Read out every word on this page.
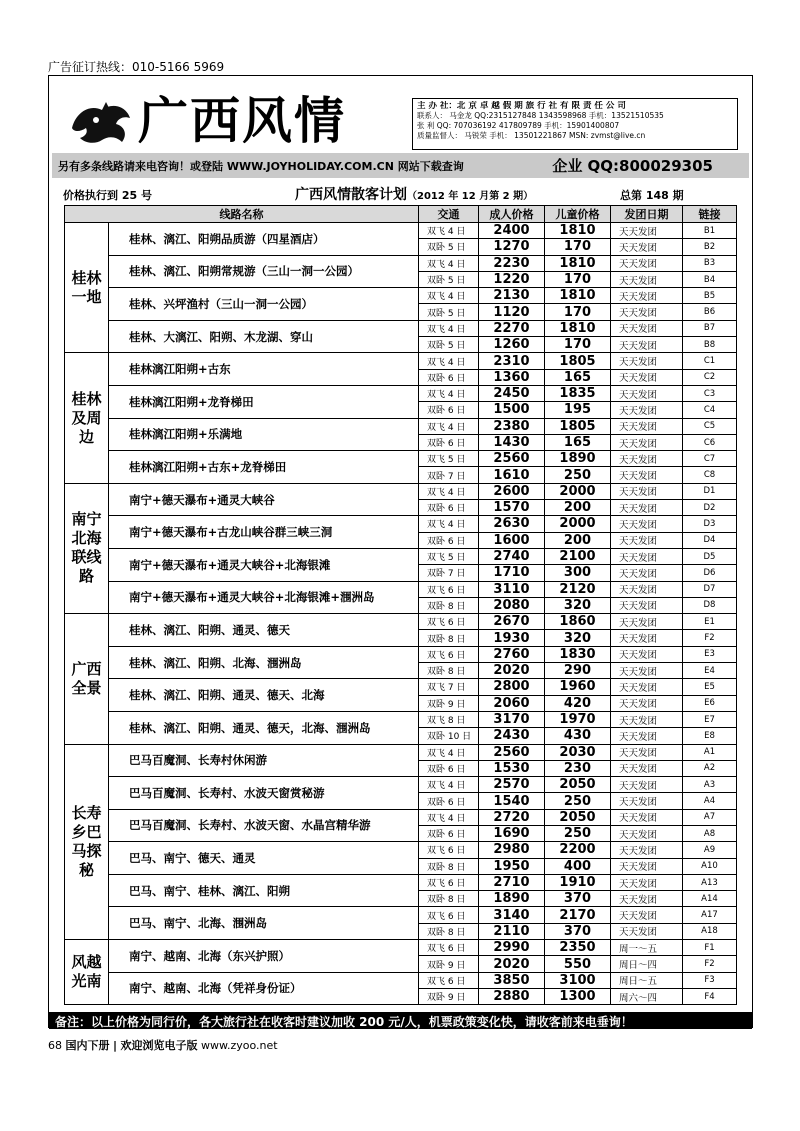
广告征订热线：010-5166 5969
广西风情	主 办 社：北 京 卓 越 假 期 旅 行 社 有 限 责 任 公 司
联系人： 马金龙 QQ:2315127848 1343598968 手机：13521510535
张 利 QQ: 707036192 417809789 手机：15901400807
质量监督人： 马锐荣 手机： 13501221867 MSN: zvmst@live.cn
另有多条线路请来电咨询！或登陆 WWW.JOYHOLIDAY.COM.CN 网站下载查询	企业 QQ:800029305
价格执行到 25 号	广西风情散客计划（2012 年 12 月第 2 期）	总第 148 期
线路名称		交通	成人价格	儿童价格	发团日期	链接
桂林一地	桂林、漓江、阳朔品质游（四星酒店）	双飞 4 日	2400	1810	天天发团	B1
		双卧 5 日	1270	170	天天发团	B2
	桂林、漓江、阳朔常规游（三山一洞一公园）	双飞 4 日	2230	1810	天天发团	B3
		双卧 5 日	1220	170	天天发团	B4
	桂林、兴坪渔村（三山一洞一公园）	双飞 4 日	2130	1810	天天发团	B5
		双卧 5 日	1120	170	天天发团	B6
	桂林、大漓江、阳朔、木龙湖、穿山	双飞 4 日	2270	1810	天天发团	B7
		双卧 5 日	1260	170	天天发团	B8
桂林及周边	桂林漓江阳朔+古东	双飞 4 日	2310	1805	天天发团	C1
		双卧 6 日	1360	165	天天发团	C2
	桂林漓江阳朔+龙脊梯田	双飞 4 日	2450	1835	天天发团	C3
		双卧 6 日	1500	195	天天发团	C4
	桂林漓江阳朔+乐满地	双飞 4 日	2380	1805	天天发团	C5
		双卧 6 日	1430	165	天天发团	C6
	桂林漓江阳朔+古东+龙脊梯田	双飞 5 日	2560	1890	天天发团	C7
		双卧 7 日	1610	250	天天发团	C8
南宁北海联线路	南宁+德天瀑布+通灵大峡谷	双飞 4 日	2600	2000	天天发团	D1
		双卧 6 日	1570	200	天天发团	D2
	南宁+德天瀑布+古龙山峡谷群三峡三洞	双飞 4 日	2630	2000	天天发团	D3
		双卧 6 日	1600	200	天天发团	D4
	南宁+德天瀑布+通灵大峡谷+北海银滩	双飞 5 日	2740	2100	天天发团	D5
		双卧 7 日	1710	300	天天发团	D6
	南宁+德天瀑布+通灵大峡谷+北海银滩+涠洲岛	双飞 6 日	3110	2120	天天发团	D7
		双卧 8 日	2080	320	天天发团	D8
广西全景	桂林、漓江、阳朔、通灵、德天	双飞 6 日	2670	1860	天天发团	E1
		双卧 8 日	1930	320	天天发团	F2
	桂林、漓江、阳朔、北海、涠洲岛	双飞 6 日	2760	1830	天天发团	E3
		双卧 8 日	2020	290	天天发团	E4
	桂林、漓江、阳朔、通灵、德天、北海	双飞 7 日	2800	1960	天天发团	E5
		双卧 9 日	2060	420	天天发团	E6
	桂林、漓江、阳朔、通灵、德天，北海、涠洲岛	双飞 8 日	3170	1970	天天发团	E7
		双卧 10 日	2430	430	天天发团	E8
长寿乡巴马探秘	巴马百魔洞、长寿村休闲游	双飞 4 日	2560	2030	天天发团	A1
		双卧 6 日	1530	230	天天发团	A2
	巴马百魔洞、长寿村、水波天窗赏秘游	双飞 4 日	2570	2050	天天发团	A3
		双卧 6 日	1540	250	天天发团	A4
	巴马百魔洞、长寿村、水波天窗、水晶宫精华游	双飞 4 日	2720	2050	天天发团	A7
		双卧 6 日	1690	250	天天发团	A8
	巴马、南宁、德天、通灵	双飞 6 日	2980	2200	天天发团	A9
		双卧 8 日	1950	400	天天发团	A10
	巴马、南宁、桂林、漓江、阳朔	双飞 6 日	2710	1910	天天发团	A13
		双卧 8 日	1890	370	天天发团	A14
	巴马、南宁、北海、涠洲岛	双飞 6 日	3140	2170	天天发团	A17
		双卧 8 日	2110	370	天天发团	A18
风越光南	南宁、越南、北海（东兴护照）	双飞 6 日	2990	2350	周一～五	F1
		双卧 9 日	2020	550	周日～四	F2
	南宁、越南、北海（凭祥身份证）	双飞 6 日	3850	3100	周日～五	F3
		双卧 9 日	2880	1300	周六～四	F4
备注：以上价格为同行价，各大旅行社在收客时建议加收 200 元/人，机票政策变化快，请收客前来电垂询！
68 国内下册 | 欢迎浏览电子版 www.zyoo.net
